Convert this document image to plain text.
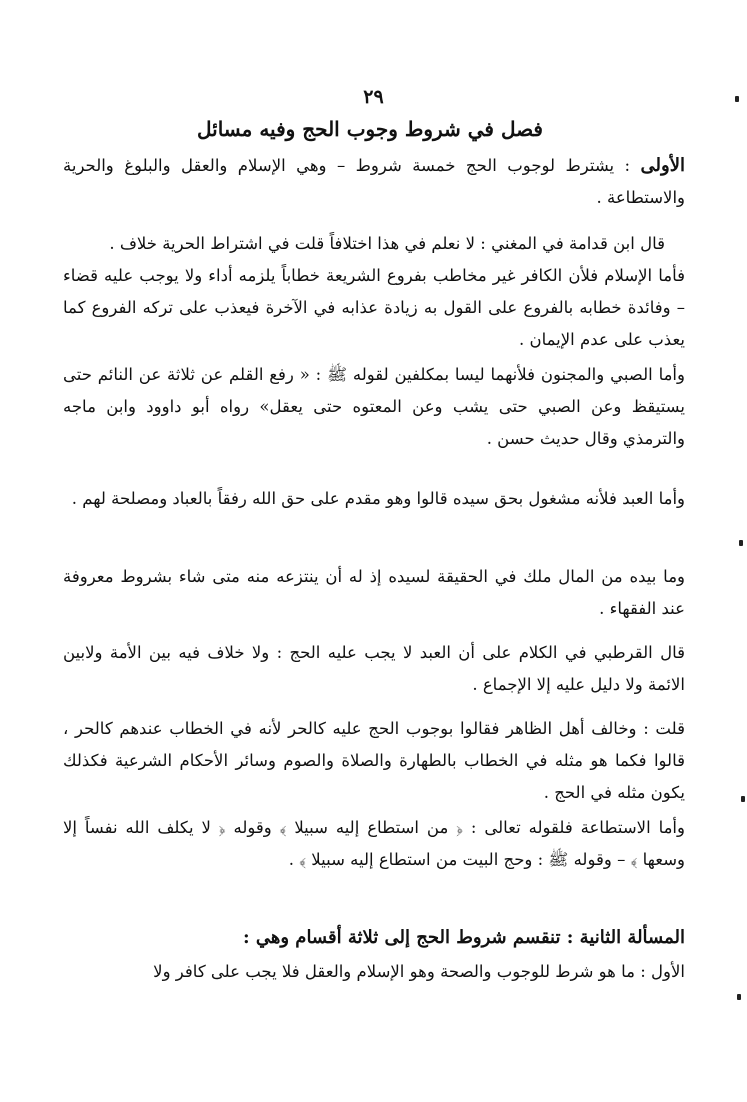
٢٩
فصل في شروط وجوب الحج وفيه مسائل
الأولى : يشترط لوجوب الحج خمسة شروط – وهي الإسلام والعقل والبلوغ والحرية والاستطاعة .
قال ابن قدامة في المغني : لا نعلم في هذا اختلافاً قلت في اشتراط الحرية خلاف .
فأما الإسلام فلأن الكافر غير مخاطب بفروع الشريعة خطاباً يلزمه أداء ولا يوجب عليه قضاء – وفائدة خطابه بالفروع على القول به زيادة عذابه في الآخرة فيعذب على تركه الفروع كما يعذب على عدم الإيمان .
وأما الصبي والمجنون فلأنهما ليسا بمكلفين لقوله ﷺ : « رفع القلم عن ثلاثة عن النائم حتى يستيقظ وعن الصبي حتى يشب وعن المعتوه حتى يعقل» رواه أبو داوود وابن ماجه والترمذي وقال حديث حسن .
وأما العبد فلأنه مشغول بحق سيده قالوا وهو مقدم على حق الله رفقاً بالعباد ومصلحة لهم .
وما بيده من المال ملك في الحقيقة لسيده إذ له أن ينتزعه منه متى شاء بشروط معروفة عند الفقهاء .
قال القرطبي في الكلام على أن العبد لا يجب عليه الحج : ولا خلاف فيه بين الأمة ولابين الائمة ولا دليل عليه إلا الإجماع .
قلت : وخالف أهل الظاهر فقالوا بوجوب الحج عليه كالحر لأنه في الخطاب عندهم كالحر ، قالوا فكما هو مثله في الخطاب بالطهارة والصلاة والصوم وسائر الأحكام الشرعية فكذلك يكون مثله في الحج .
وأما الاستطاعة فلقوله تعالى : ﴿ من استطاع إليه سبيلا ﴾ وقوله ﴿ لا يكلف الله نفساً إلا وسعها ﴾ – وقوله ﷺ : وحج البيت من استطاع إليه سبيلا ﴾ .
المسألة الثانية : تنقسم شروط الحج إلى ثلاثة أقسام وهي :
الأول : ما هو شرط للوجوب والصحة وهو الإسلام والعقل فلا يجب على كافر ولا
